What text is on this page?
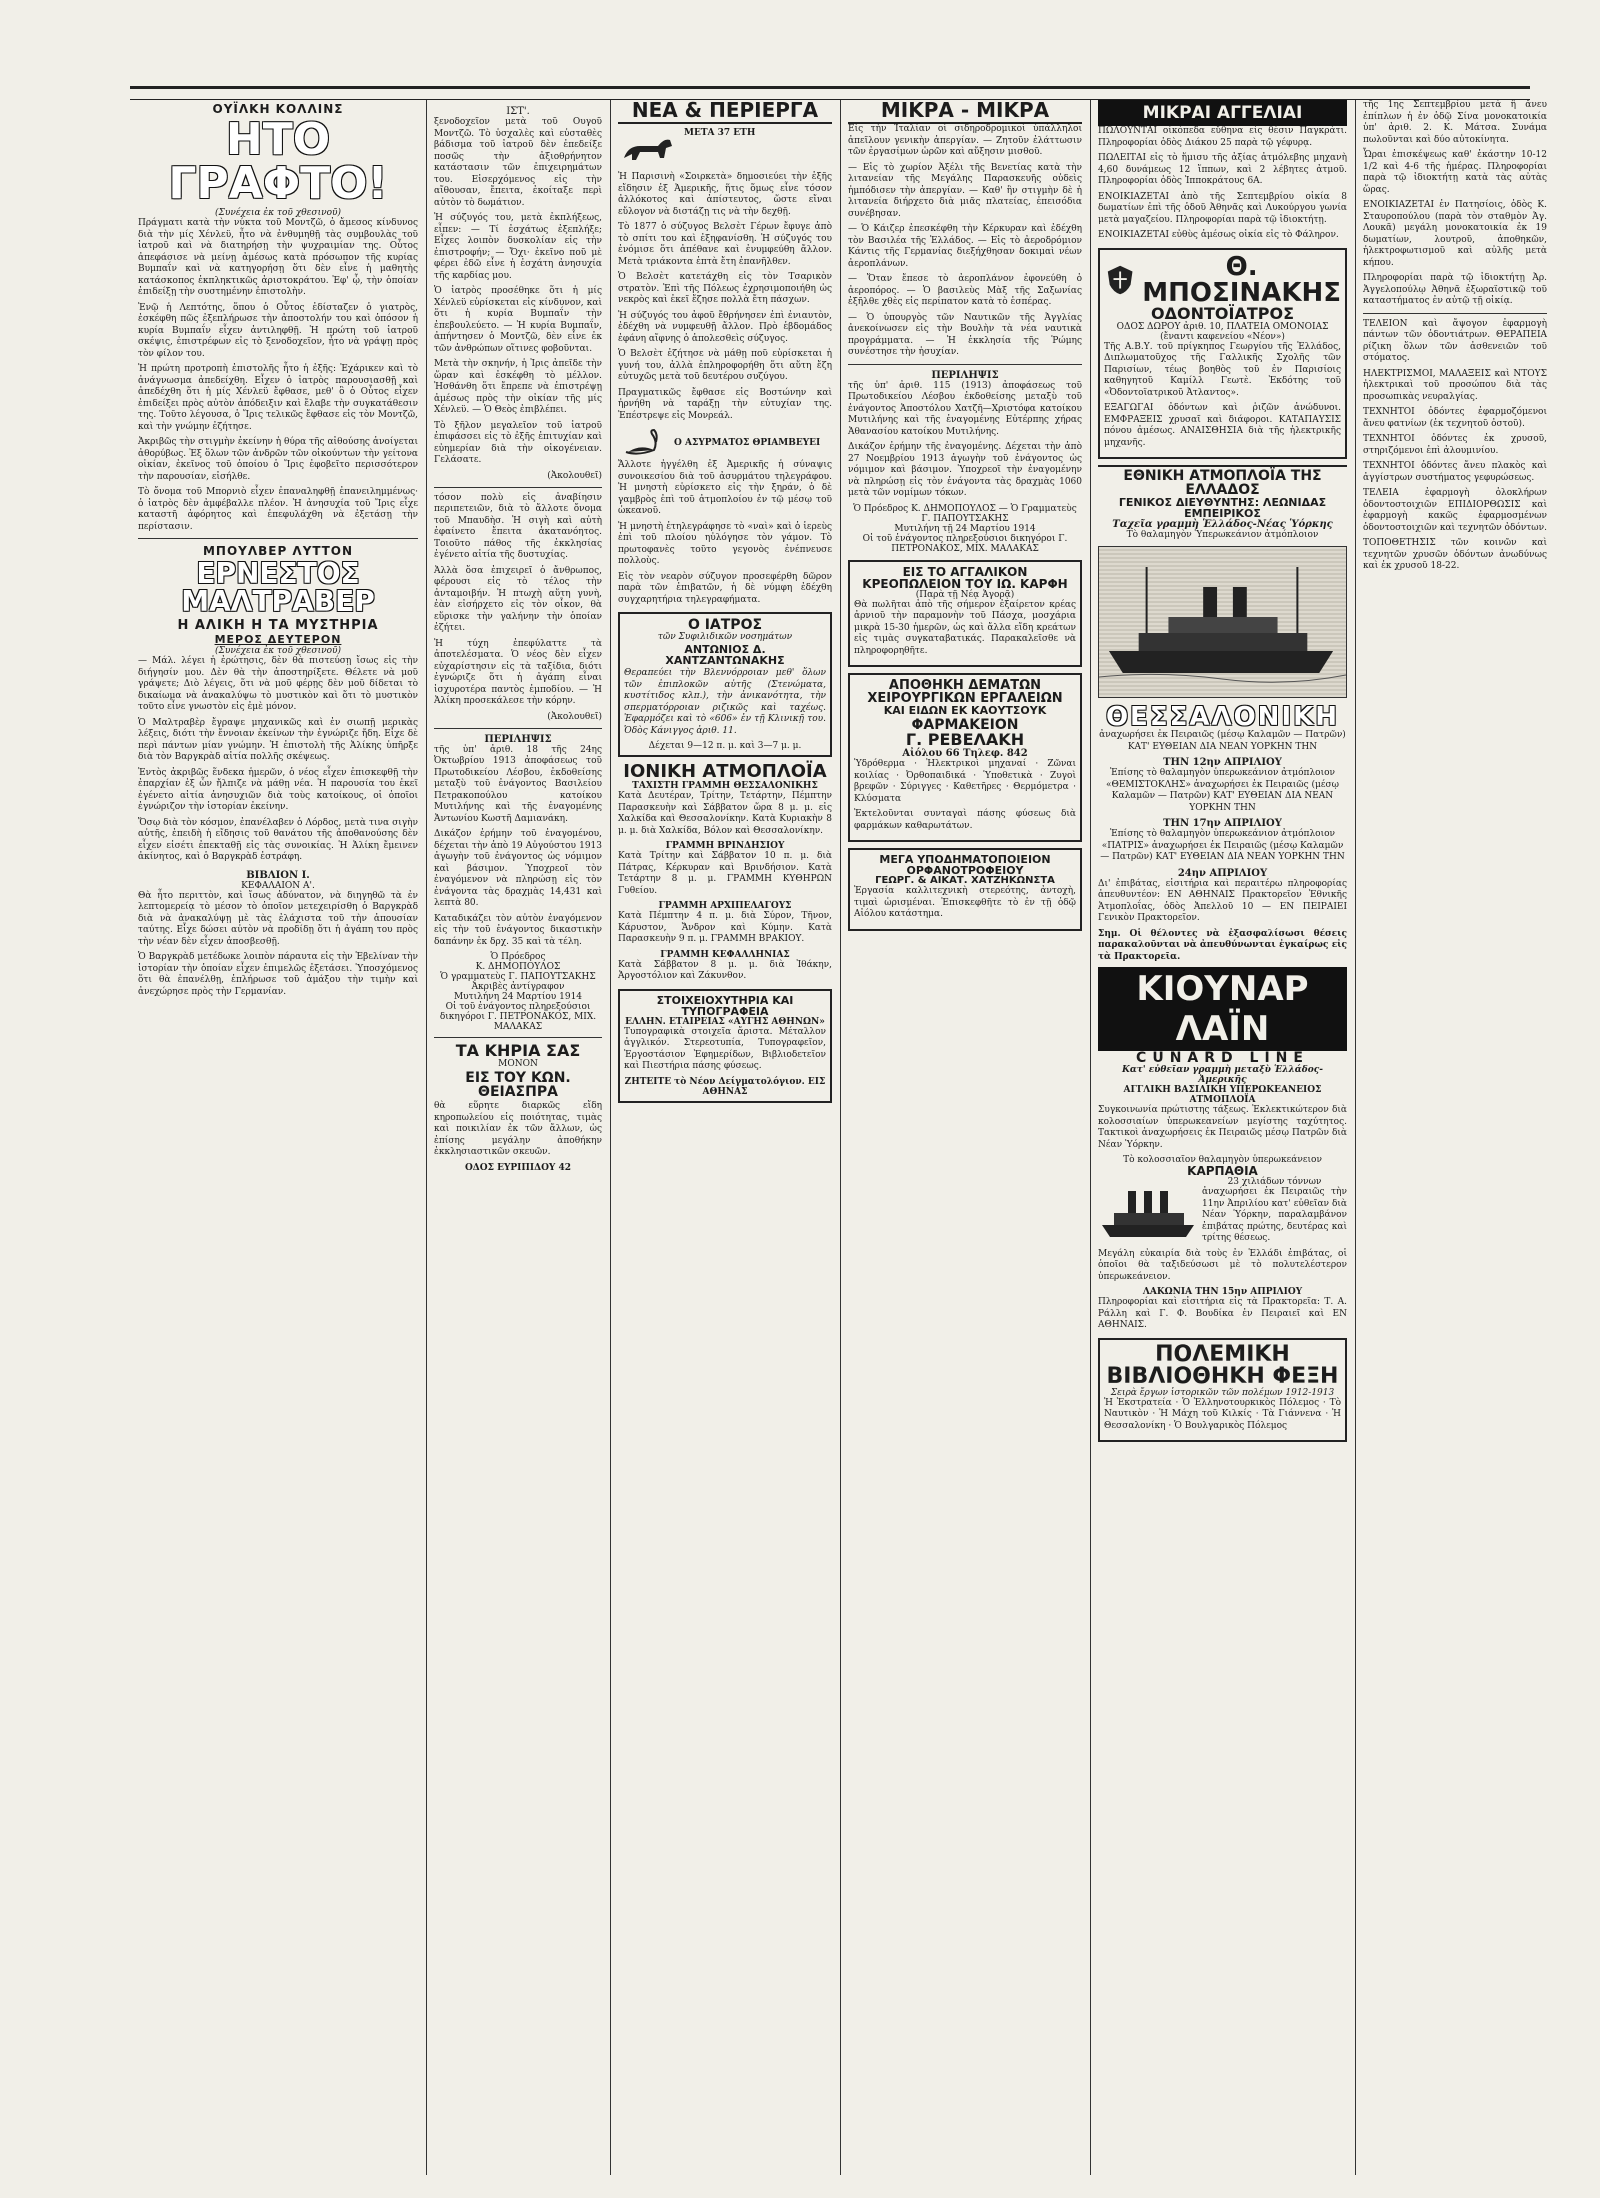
ΟΥΪΛΚΗ ΚΟΛΛΙΝΣ
ΗΤΟ ΓΡΑΦΤΟ!
(Συνέχεια ἐκ τοῦ χθεσινοῦ)

Πράγματι κατὰ τὴν νύκτα τοῦ Μοντζῶ, ὁ ἄμεσος κίνδυνος διὰ τὴν μίς Χένλεϋ, ἦτο νὰ ἐνθυμηθῇ τὰς συμβουλὰς τοῦ ἰατροῦ καὶ νὰ διατηρήσῃ τὴν ψυχραιμίαν της. Οὗτος ἀπεφάσισε νὰ μείνῃ ἀμέσως κατὰ πρόσωπον τῆς κυρίας Βυμπαΐν καὶ νὰ κατηγορήσῃ ὅτι δὲν εἶνε ἡ μαθητὴς κατάσκοπος ἐκπληκτικῶς ἀριστοκράτου. Ἐφ' ᾧ, τὴν ὁποίαν ἐπιδείξῃ τὴν συστημένην ἐπιστολὴν.

Ἐνῷ ἡ Λεπτότης, ὅπου ὁ Οὗτος ἐδίσταζεν ὁ γιατρὸς, ἐσκέφθη πῶς ἐξεπλήρωσε τὴν ἀποστολήν του καὶ ὁπόσον ἡ κυρία Βυμπαΐν εἶχεν ἀντιληφθῇ. Ἡ πρώτη τοῦ ἰατροῦ σκέψις, ἐπιστρέφων εἰς τὸ ξενοδοχεῖον, ἦτο νὰ γράψῃ πρὸς τὸν φίλον του.

Ἡ πρώτη προτροπὴ ἐπιστολῆς ἦτο ἡ ἐξῆς: Ἐχάρικεν καὶ τὸ ἀνάγνωσμα ἀπεδείχθη. Εἶχεν ὁ ἰατρὸς παρουσιασθῇ καὶ ἀπεδέχθη ὅτι ἡ μίς Χένλεϋ ἔφθασε, μεθ' ὃ ὁ Οὗτος εἶχεν ἐπιδείξει πρὸς αὐτὸν ἀπόδειξιν καὶ ἔλαβε τὴν συγκατάθεσιν της. Τοῦτο λέγουσα, ὁ Ἴρις τελικῶς ἔφθασε εἰς τὸν Μοντζῶ, καὶ τὴν γνώμην ἐζήτησε.

Ἀκριβῶς τὴν στιγμὴν ἐκείνην ἡ θύρα τῆς αἰθούσης ἀνοίγεται ἀθορύβως. Ἐξ ὅλων τῶν ἀνδρῶν τῶν οἰκούντων τὴν γείτονα οἰκίαν, ἐκεῖνος τοῦ ὁποίου ὁ Ἴρις ἐφοβεῖτο περισσότερον τὴν παρουσίαν, εἰσήλθε.

Τὸ ὄνομα τοῦ Μπορνιὸ εἶχεν ἐπαναληφθῇ ἐπανειλημμένως· ὁ ἰατρὸς δὲν ἀμφέβαλλε πλέον. Ἠ ἀνησυχία τοῦ Ἴρις εἶχε καταστῆ ἀφόρητος καὶ ἐπεφυλάχθη νὰ ἐξετάσῃ τὴν περίστασιν.

ΜΠΟΥΛΒΕΡ ΛΥΤΤΟΝ
ΕΡΝΕΣΤΟΣ ΜΑΛΤΡΑΒΕΡ
Η ΑΛΙΚΗ Η ΤΑ ΜΥΣΤΗΡΙΑ
ΜΕΡΟΣ ΔΕΥΤΕΡΟΝ
(Συνέχεια ἐκ τοῦ χθεσινοῦ)

— Μάλ. λέγει ἡ ἐρώτησις, δὲν θὰ πιστεύσῃ ἴσως εἰς τὴν διήγησίν μου. Δὲν θὰ τὴν ἀποστηρίξετε. Θέλετε νὰ μοῦ γράψετε; Διὸ λέγεις, ὅτι νὰ μοῦ φέρῃς δὲν μοῦ δίδεται τὸ δικαίωμα νὰ ἀνακαλύψω τὸ μυστικὸν καὶ ὅτι τὸ μυστικὸν τοῦτο εἶνε γνωστὸν εἰς ἐμὲ μόνον.

Ὁ Μαλτραβὲρ ἔγραψε μηχανικῶς καὶ ἐν σιωπῇ μερικὰς λέξεις, διότι τὴν ἔννοιαν ἐκείνων τὴν ἐγνώριζε ἤδη. Εἶχε δὲ περὶ πάντων μίαν γνώμην. Ἡ ἐπιστολὴ τῆς Ἀλίκης ὑπῆρξε διὰ τὸν Βαργκρὰδ αἰτία πολλῆς σκέψεως.

Ἐντὸς ἀκριβῶς ἕνδεκα ἡμερῶν, ὁ νέος εἶχεν ἐπισκεφθῇ τὴν ἐπαρχίαν ἐξ ὧν ἤλπιζε νὰ μάθῃ νέα. Ἡ παρουσία του ἐκεῖ ἐγένετο αἰτία ἀνησυχιῶν διὰ τοὺς κατοίκους, οἱ ὁποῖοι ἐγνώριζον τὴν ἱστορίαν ἐκείνην.

Ὅσῳ διὰ τὸν κόσμον, ἐπανέλαβεν ὁ Λόρδος, μετὰ τινα σιγὴν αὐτῆς, ἐπειδὴ ἡ εἴδησις τοῦ θανάτου τῆς ἀποθανούσης δὲν εἶχεν εἰσέτι ἐπεκταθῇ εἰς τὰς συνοικίας. Ἡ Ἀλίκη ἔμεινεν ἀκίνητος, καὶ ὁ Βαργκρὰδ ἐστράφη.

ΒΙΒΛΙΟΝ Ι.
ΚΕΦΑΛΑΙΟΝ Α'.

Θὰ ἦτο περιττὸν, καὶ ἴσως ἀδύνατον, νὰ διηγηθῶ τὰ ἐν λεπτομερείᾳ τὸ μέσον τὸ ὁποῖον μετεχειρίσθη ὁ Βαργκρὰδ διὰ νὰ ἀνακαλύψῃ μὲ τὰς ἐλάχιστα τοῦ τὴν ἀπουσίαν ταύτης. Εἶχε δώσει αὐτὸν νὰ προδίδῃ ὅτι ἡ ἀγάπη του πρὸς τὴν νέαν δὲν εἶχεν ἀποσβεσθῇ.

Ὁ Βαργκρὰδ μετέδωκε λοιπὸν πάραυτα εἰς τὴν Ἑβελίναν τὴν ἱστορίαν τὴν ὁποίαν εἶχεν ἐπιμελῶς ἐξετάσει. Ὑποσχόμενος ὅτι θὰ ἐπανέλθῃ, ἐπλήρωσε τοῦ ἀμάξου τὴν τιμὴν καὶ ἀνεχώρησε πρὸς τὴν Γερμανίαν.

ΙΣΤ'.

ξενοδοχεῖον μετὰ τοῦ Ουγοῦ Μοντζῶ. Τὸ ὑσχαλὲς καὶ εὐσταθὲς βάδισμα τοῦ ἰατροῦ δὲν ἐπεδείξε ποσῶς τὴν ἀξιοθρήνητον κατάστασιν τῶν ἐπιχειρημάτων του. Εἰσερχόμενος εἰς τὴν αἴθουσαν, ἔπειτα, ἐκοίταξε περὶ αὐτὸν τὸ δωμάτιον.

Ἡ σύζυγός του, μετὰ ἐκπλήξεως, εἶπεν: — Τί ἐσχάτως ἐξεπλήξε; Εἶχες λοιπὸν δυσκολίαν εἰς τὴν ἐπιστροφήν; — Ὄχι· ἐκεῖνο ποῦ μὲ φέρει ἐδῶ εἶνε ἡ ἐσχάτη ἀνησυχία τῆς καρδίας μου.

Ὁ ἰατρὸς προσέθηκε ὅτι ἡ μίς Χένλεϋ εὑρίσκεται εἰς κίνδυνον, καὶ ὅτι ἡ κυρία Βυμπαΐν τὴν ἐπεβουλεύετο. — Ἡ κυρία Βυμπαΐν, ἀπήντησεν ὁ Μοντζῶ, δὲν εἶνε ἐκ τῶν ἀνθρώπων οἵτινες φοβοῦνται.

Μετὰ τὴν σκηνήν, ἡ Ἰρις ἀπεῖδε τὴν ὥραν καὶ ἐσκέφθη τὸ μέλλον. Ἠσθάνθη ὅτι ἔπρεπε νὰ ἐπιστρέψῃ ἀμέσως πρὸς τὴν οἰκίαν τῆς μίς Χένλεϋ. — Ὁ Θεὸς ἐπιβλέπει.

Τὸ ξῆλον μεγαλεῖον τοῦ ἰατροῦ ἐπιφάσσει εἰς τὸ ἐξῆς ἐπιτυχίαν καὶ εὐημερίαν διὰ τὴν οἰκογένειαν. Γελάσατε.

(Ἀκολουθεῖ)

τόσον πολὺ εἰς ἀναβίησιν περιπετειῶν, διὰ τὸ ἄλλοτε ὄνομα τοῦ Μπαυδὴσ. Ἡ σιγὴ καὶ αὐτὴ ἐφαίνετο ἔπειτα ἀκατανόητος. Τοιοῦτο πάθος τῆς ἐκκλησίας ἐγένετο αἰτία τῆς δυστυχίας.

Ἀλλὰ ὅσα ἐπιχειρεῖ ὁ ἄνθρωπος, φέρουσι εἰς τὸ τέλος τὴν ἀνταμοιβήν. Ἡ πτωχὴ αὕτη γυνὴ, ἐὰν εἰσήρχετο εἰς τὸν οἶκον, θὰ εὕρισκε τὴν γαλήνην τὴν ὁποίαν ἐζήτει.

Ἡ τύχη ἐπεφύλαττε τὰ ἀποτελέσματα. Ὁ νέος δὲν εἶχεν εὐχαρίστησιν εἰς τὰ ταξίδια, διότι ἐγνώριζε ὅτι ἡ ἀγάπη εἶναι ἰσχυροτέρα παντὸς ἐμποδίου. — Ἡ Ἀλίκη προσεκάλεσε τὴν κόρην.

(Ἀκολουθεῖ)
ΠΕΡΙΛΗΨΙΣ

τῆς ὑπ' ἀριθ. 18 τῆς 24ης Ὀκτωβρίου 1913 ἀποφάσεως τοῦ Πρωτοδικείου Λέσβου, ἐκδοθείσης μεταξὺ τοῦ ἐνάγοντος Βασιλείου Πετρακοπούλου κατοίκου Μυτιλήνης καὶ τῆς ἐναγομένης Ἀντωνίου Κωστῆ Δαμιανάκη.

Δικάζον ἐρήμην τοῦ ἐναγομένου, δέχεται τὴν ἀπὸ 19 Αὐγούστου 1913 ἀγωγὴν τοῦ ἐνάγοντος ὡς νόμιμον καὶ βάσιμον. Ὑποχρεοῖ τὸν ἐναγόμενον νὰ πληρώσῃ εἰς τὸν ἐνάγοντα τὰς δραχμὰς 14,431 καὶ λεπτὰ 80.

Καταδικάζει τὸν αὐτὸν ἐναγόμενον εἰς τὴν τοῦ ἐνάγοντος δικαστικὴν δαπάνην ἐκ δρχ. 35 καὶ τὰ τέλη.

Ὁ Πρόεδρος
Κ. ΔΗΜΟΠΟΥΛΟΣ
Ὁ γραμματεὺς Γ. ΠΑΠΟΥΤΣΑΚΗΣ
Ἀκριβὲς ἀντίγραφον
Μυτιλήνη 24 Μαρτίου 1914
Οἱ τοῦ ἐνάγοντος πληρεξούσιοι δικηγόροι Γ. ΠΕΤΡΟΝΑΚΟΣ, ΜΙΧ. ΜΑΛΑΚΑΣ
ΤΑ ΚΗΡΙΑ ΣΑΣ
ΜΟΝΟΝ
ΕΙΣ ΤΟΥ ΚΩΝ. ΘΕΙΑΣΠΡΑ

θὰ εὕρητε διαρκῶς εἴδη κηροπωλείου εἰς ποιότητας, τιμὰς καὶ ποικιλίαν ἐκ τῶν ἄλλων, ὡς ἐπίσης μεγάλην ἀποθήκην ἐκκλησιαστικῶν σκευῶν.

ΟΔΟΣ ΕΥΡΙΠΙΔΟΥ 42
ΝΕΑ & ΠΕΡΙΕΡΓΑ
ΜΕΤΑ 37 ΕΤΗ

Ἡ Παρισινὴ «Σοιρκετὰ» δημοσιεύει τὴν ἑξῆς εἴδησιν ἐξ Ἀμερικῆς, ἥτις ὅμως εἶνε τόσον ἀλλόκοτος καὶ ἀπίστευτος, ὥστε εἴναι εὔλογον νὰ διστάζῃ τις νὰ τὴν δεχθῇ.

Τὸ 1877 ὁ σύζυγος Βελσὲτ Γέρων ἔφυγε ἀπὸ τὸ σπίτι του καὶ ἐξηφανίσθη. Ἡ σύζυγός του ἐνόμισε ὅτι ἀπέθανε καὶ ἐνυμφεύθη ἄλλον. Μετὰ τριάκοντα ἑπτὰ ἔτη ἐπανῆλθεν.

Ὁ Βελσὲτ κατετάχθη εἰς τὸν Τσαρικὸν στρατὸν. Ἐπὶ τῆς Πόλεως ἐχρησιμοποιήθη ὡς νεκρὸς καὶ ἐκεῖ ἔζησε πολλὰ ἔτη πάσχων.

Ἡ σύζυγός του ἀφοῦ ἔθρήνησεν ἐπὶ ἐνιαυτὸν, ἐδέχθη νὰ νυμφευθῇ ἄλλον. Πρὸ ἑβδομάδος ἐφάνη αἴφνης ὁ ἀπολεσθεὶς σύζυγος.

Ὁ Βελσὲτ ἐζήτησε νὰ μάθῃ ποῦ εὑρίσκεται ἡ γυνή του, ἀλλὰ ἐπληροφορήθη ὅτι αὕτη ἔζη εὐτυχῶς μετὰ τοῦ δευτέρου συζύγου.

Πραγματικῶς ἔφθασε εἰς Βοστώνην καὶ ἠρνήθη νὰ ταράξῃ τὴν εὐτυχίαν της. Ἐπέστρεψε εἰς Μονρεάλ.

Ο ΑΣΥΡΜΑΤΟΣ ΘΡΙΑΜΒΕΥΕΙ

Ἄλλοτε ἠγγέλθη ἐξ Ἀμερικῆς ἡ σύναψις συνοικεσίου διὰ τοῦ ἀσυρμάτου τηλεγράφου. Ἡ μνηστὴ εὑρίσκετο εἰς τὴν ξηράν, ὁ δὲ γαμβρὸς ἐπὶ τοῦ ἀτμοπλοίου ἐν τῷ μέσῳ τοῦ ὠκεανοῦ.

Ἡ μνηστὴ ἐτηλεγράφησε τὸ «ναὶ» καὶ ὁ ἱερεὺς ἐπὶ τοῦ πλοίου ηὐλόγησε τὸν γάμον. Τὸ πρωτοφανὲς τοῦτο γεγονὸς ἐνέπνευσε πολλοὺς.

Εἰς τὸν νεαρὸν σύζυγον προσεφέρθη δῶρον παρὰ τῶν ἐπιβατῶν, ἡ δὲ νύμφη ἐδέχθη συγχαρητήρια τηλεγραφήματα.

Ο ΙΑΤΡΟΣ
τῶν Συφιλιδικῶν νοσημάτων
ΑΝΤΩΝΙΟΣ Δ. ΧΑΝΤΖΑΝΤΩΝΑΚΗΣ

Θεραπεύει τὴν Βλεννόρροιαν μεθ' ὅλων τῶν ἐπιπλοκῶν αὐτῆς (Στενώματα, κυστίτιδος κλπ.), τὴν ἀνικανότητα, τὴν σπερματόρροιαν ριζικῶς καὶ ταχέως. Ἐφαρμόζει καὶ τὸ «606» ἐν τῇ Κλινικῇ του. Ὁδὸς Κάνιγγος ἀριθ. 11.

Δέχεται 9—12 π. μ. καὶ 3—7 μ. μ.
ΙΟΝΙΚΗ ΑΤΜΟΠΛΟΪΑ
ΤΑΧΙΣΤΗ ΓΡΑΜΜΗ ΘΕΣΣΑΛΟΝΙΚΗΣ

Κατὰ Δευτέραν, Τρίτην, Τετάρτην, Πέμπτην Παρασκευὴν καὶ Σάββατον ὥρα 8 μ. μ. εἰς Χαλκίδα καὶ Θεσσαλονίκην. Κατὰ Κυριακὴν 8 μ. μ. διὰ Χαλκίδα, Βόλον καὶ Θεσσαλονίκην.

ΓΡΑΜΜΗ ΒΡΙΝΔΗΣΙΟΥ

Κατὰ Τρίτην καὶ Σάββατον 10 π. μ. διὰ Πάτρας, Κέρκυραν καὶ Βρινδήσιον. Κατὰ Τετάρτην 8 μ. μ. ΓΡΑΜΜΗ ΚΥΘΗΡΩΝ Γυθείου.

ΓΡΑΜΜΗ ΑΡΧΙΠΕΛΑΓΟΥΣ

Κατὰ Πέμπτην 4 π. μ. διὰ Σύρον, Τῆνον, Κάρυστον, Ἄνδρον καὶ Κύμην. Κατὰ Παρασκευὴν 9 π. μ. ΓΡΑΜΜΗ ΒΡΑΚΙΟΥ.

ΓΡΑΜΜΗ ΚΕΦΑΛΛΗΝΙΑΣ

Κατὰ Σάββατον 8 μ. μ. διὰ Ἰθάκην, Ἀργοστόλιον καὶ Ζάκυνθον.

ΣΤΟΙΧΕΙΟΧΥΤΗΡΙΑ ΚΑΙ ΤΥΠΟΓΡΑΦΕΙΑ
ΕΛΛΗΝ. ΕΤΑΙΡΕΙΑΣ «ΑΥΓΗΣ ΑΘΗΝΩΝ»

Τυπογραφικὰ στοιχεῖα ἄριστα. Μέταλλον ἀγγλικόν. Στερεοτυπία, Τυπογραφεῖον, Ἐργοστάσιον Ἐφημερίδων, Βιβλιοδετεῖον καὶ Πιεστήρια πάσης φύσεως.

ΖΗΤΕΙΤΕ τὸ Νέον Δείγματολόγιον. ΕΙΣ ΑΘΗΝΑΣ
ΜΙΚΡΑ - ΜΙΚΡΑ

Εἰς τὴν Ἰταλίαν οἱ σιδηροδρομικοὶ ὑπάλληλοι ἀπεῖλουν γενικὴν ἀπεργίαν. — Ζητοῦν ἐλάττωσιν τῶν ἐργασίμων ὡρῶν καὶ αὔξησιν μισθοῦ.

— Εἰς τὸ χωρίον Ἀξέλι τῆς Βενετίας κατὰ τὴν λιτανείαν τῆς Μεγάλης Παρασκευῆς οὐδεὶς ἠμπόδισεν τὴν ἀπεργίαν. — Καθ' ἣν στιγμὴν δὲ ἡ λιτανεία διήρχετο διὰ μιᾶς πλατείας, ἐπεισόδια συνέβησαν.

— Ὁ Κάιζερ ἐπεσκέφθη τὴν Κέρκυραν καὶ ἐδέχθη τὸν Βασιλέα τῆς Ἑλλάδος. — Εἰς τὸ ἀεροδρόμιον Κάντις τῆς Γερμανίας διεξήχθησαν δοκιμαὶ νέων ἀεροπλάνων.

— Ὅταν ἔπεσε τὸ ἀεροπλάνον ἐφονεύθη ὁ ἀεροπόρος. — Ὁ βασιλεὺς Μὰξ τῆς Σαξωνίας ἐξῆλθε χθὲς εἰς περίπατον κατὰ τὸ ἑσπέρας.

— Ὁ ὑπουργὸς τῶν Ναυτικῶν τῆς Ἀγγλίας ἀνεκοίνωσεν εἰς τὴν Βουλὴν τὰ νέα ναυτικὰ προγράμματα. — Ἡ ἐκκλησία τῆς Ῥώμης συνέστησε τὴν ἡσυχίαν.

ΠΕΡΙΛΗΨΙΣ

τῆς ὑπ' ἀριθ. 115 (1913) ἀποφάσεως τοῦ Πρωτοδικείου Λέσβου ἐκδοθείσης μεταξὺ τοῦ ἐνάγοντος Ἀποστόλου Χατζῆ—Χριστόφα κατοίκου Μυτιλήνης καὶ τῆς ἐναγομένης Εὐτέρπης χήρας Ἀθανασίου κατοίκου Μυτιλήνης.

Δικάζον ἐρήμην τῆς ἐναγομένης. Δέχεται τὴν ἀπὸ 27 Νοεμβρίου 1913 ἀγωγὴν τοῦ ἐνάγοντος ὡς νόμιμον καὶ βάσιμον. Ὑποχρεοῖ τὴν ἐναγομένην νὰ πληρώσῃ εἰς τὸν ἐνάγοντα τὰς δραχμὰς 1060 μετὰ τῶν νομίμων τόκων.

Ὁ Πρόεδρος Κ. ΔΗΜΟΠΟΥΛΟΣ — Ὁ Γραμματεὺς Γ. ΠΑΠΟΥΤΣΑΚΗΣ
Μυτιλήνη τῇ 24 Μαρτίου 1914
Οἱ τοῦ ἐνάγοντος πληρεξούσιοι δικηγόροι Γ. ΠΕΤΡΟΝΑΚΟΣ, ΜΙΧ. ΜΑΛΑΚΑΣ
ΕΙΣ ΤΟ ΑΓΓΑΛΙΚΟΝ
ΚΡΕΟΠΩΛΕΙΟΝ ΤΟΥ ΙΩ. ΚΑΡΦΗ
(Παρὰ τῇ Νέᾳ Ἀγορᾷ)

Θὰ πωλῆται ἀπὸ τῆς σήμερον ἐξαίρετον κρέας ἀρνιοῦ τὴν παραμονὴν τοῦ Πάσχα, μοσχάρια μικρὰ 15-30 ἡμερῶν, ὡς καὶ ἄλλα εἴδη κρεάτων εἰς τιμὰς συγκαταβατικάς. Παρακαλεῖσθε νὰ πληροφορηθῆτε.

ΑΠΟΘΗΚΗ ΔΕΜΑΤΩΝ
ΧΕΙΡΟΥΡΓΙΚΩΝ ΕΡΓΑΛΕΙΩΝ
ΚΑΙ ΕΙΔΩΝ ΕΚ ΚΑΟΥΤΣΟΥΚ
ΦΑΡΜΑΚΕΙΟΝ
Γ. ΡΕΒΕΛΑΚΗ
Αἰόλου 66 Τηλεφ. 842

Ὑδρόθερμα · Ἠλεκτρικοὶ μηχαναί · Ζῶναι κοιλίας · Ὀρθοπαιδικά · Ὑποθετικὰ · Ζυγοὶ βρεφῶν · Σύριγγες · Καθετῆρες · Θερμόμετρα · Κλύσματα

Ἐκτελοῦνται συνταγαὶ πάσης φύσεως διὰ φαρμάκων καθαρωτάτων.

ΜΕΓΑ ΥΠΟΔΗΜΑΤΟΠΟΙΕΙΟΝ ΟΡΦΑΝΟΤΡΟΦΕΙΟΥ
ΓΕΩΡΓ. & ΑΙΚΑΤ. ΧΑΤΖΗΚΩΝΣΤΑ

Ἐργασία καλλιτεχνικὴ στερεότης, ἀντοχὴ, τιμαὶ ὡρισμέναι. Ἐπισκεφθῆτε τὸ ἐν τῇ ὁδῷ Αἰόλου κατάστημα.

ΜΙΚΡΑΙ ΑΓΓΕΛΙΑΙ

ΠΩΛΟΥΝΤΑΙ οἰκόπεδα εὔθηνα εἰς θέσιν Παγκράτι. Πληροφορίαι ὁδὸς Διάκου 25 παρὰ τῷ γέφυρᾳ.

ΠΩΛΕΙΤΑΙ εἰς τὸ ἥμισυ τῆς ἀξίας ἀτμόλεβης μηχανὴ 4,60 δυνάμεως 12 ἵππων, καὶ 2 λέβητες ἀτμοῦ. Πληροφορίαι ὁδὸς Ἱπποκράτους 6Α.

ΕΝΟΙΚΙΑΖΕΤΑΙ ἀπὸ τῆς Σεπτεμβρίου οἰκία 8 δωματίων ἐπὶ τῆς ὁδοῦ Ἀθηνᾶς καὶ Λυκούργου γωνία μετὰ μαγαζείου. Πληροφορίαι παρὰ τῷ ἰδιοκτήτῃ.

ΕΝΟΙΚΙΑΖΕΤΑΙ εὐθὺς ἀμέσως οἰκία εἰς τὸ Φάληρον.

Θ. ΜΠΟΣΙΝΑΚΗΣ
ΟΔΟΝΤΟΪΑΤΡΟΣ
ΟΔΟΣ ΔΩΡΟΥ ἀριθ. 10, ΠΛΑΤΕΙΑ ΟΜΟΝΟΙΑΣ (ἔναντι καφενείου «Νέον»)

Τῆς Α.Β.Υ. τοῦ πρίγκηπος Γεωργίου τῆς Ἑλλάδος, Διπλωματοῦχος τῆς Γαλλικῆς Σχολῆς τῶν Παρισίων, τέως βοηθὸς τοῦ ἐν Παρισίοις καθηγητοῦ Καμίλλ Γεωτὲ. Ἐκδότης τοῦ «Ὀδοντοϊατρικοῦ Ἀτλαντος».

ΕΞΑΓΩΓΑΙ ὀδόντων καὶ ῥιζῶν ἀνώδυνοι. ΕΜΦΡΑΞΕΙΣ χρυσαῖ καὶ διάφοροι. ΚΑΤΑΠΑΥΣΙΣ πόνου ἀμέσως. ΑΝΑΙΣΘΗΣΙΑ διὰ τῆς ἠλεκτρικῆς μηχανῆς.

ΕΘΝΙΚΗ ΑΤΜΟΠΛΟΪΑ ΤΗΣ ΕΛΛΑΔΟΣ
ΓΕΝΙΚΟΣ ΔΙΕΥΘΥΝΤΗΣ: ΛΕΩΝΙΔΑΣ ΕΜΠΕΙΡΙΚΟΣ
Ταχεῖα γραμμὴ Ἑλλάδος-Νέας Ὑόρκης
Τὸ θαλαμηγὸν Ὑπερωκεάνιον ἀτμόπλοιον
ΘΕΣΣΑΛΟΝΙΚΗ

ἀναχωρήσει ἐκ Πειραιῶς (μέσῳ Καλαμῶν — Πατρῶν) ΚΑΤ' ΕΥΘΕΙΑΝ ΔΙΑ ΝΕΑΝ ΥΟΡΚΗΝ ΤΗΝ

ΤΗΝ 12ην ΑΠΡΙΛΙΟΥ

Ἐπίσης τὸ θαλαμηγὸν ὑπερωκεάνιον ἀτμόπλοιον «ΘΕΜΙΣΤΟΚΛΗΣ» ἀναχωρήσει ἐκ Πειραιῶς (μέσῳ Καλαμῶν — Πατρῶν) ΚΑΤ' ΕΥΘΕΙΑΝ ΔΙΑ ΝΕΑΝ ΥΟΡΚΗΝ ΤΗΝ

ΤΗΝ 17ην ΑΠΡΙΛΙΟΥ

Ἐπίσης τὸ θαλαμηγὸν ὑπερωκεάνιον ἀτμόπλοιον «ΠΑΤΡΙΣ» ἀναχωρήσει ἐκ Πειραιῶς (μέσῳ Καλαμῶν — Πατρῶν) ΚΑΤ' ΕΥΘΕΙΑΝ ΔΙΑ ΝΕΑΝ ΥΟΡΚΗΝ ΤΗΝ

24ην ΑΠΡΙΛΙΟΥ

Δι' ἐπιβάτας, εἰσιτήρια καὶ περαιτέρω πληροφορίας ἀπευθυντέον: ΕΝ ΑΘΗΝΑΙΣ Πρακτορεῖον Ἐθνικῆς Ἀτμοπλοΐας, ὁδὸς Ἀπελλοῦ 10 — ΕΝ ΠΕΙΡΑΙΕΙ Γενικὸν Πρακτορεῖον.

Σημ. Οἱ θέλοντες νὰ ἐξασφαλίσωσι θέσεις παρακαλοῦνται νὰ ἀπευθύνωνται ἐγκαίρως εἰς τὰ Πρακτορεῖα.

ΚΙΟΥΝΑΡ ΛΑΪΝ
CUNARD LINE
Κατ' εὐθεῖαν γραμμὴ μεταξὺ Ἑλλάδος-Ἀμερικῆς
ΑΓΓΛΙΚΗ ΒΑΣΙΛΙΚΗ ΥΠΕΡΩΚΕΑΝΕΙΟΣ ΑΤΜΟΠΛΟΪΑ

Συγκοινωνία πρώτιστης τάξεως. Ἐκλεκτικώτερον διὰ κολοσσιαίων ὑπερωκεανείων μεγίστης ταχύτητος. Τακτικοὶ ἀναχωρήσεις ἐκ Πειραιῶς μέσῳ Πατρῶν διὰ Νέαν Ὑόρκην.

Τὸ κολοσσιαῖον θαλαμηγὸν ὑπερωκεάνειον
ΚΑΡΠΑΘΙΑ
23 χιλιάδων τόννων

ἀναχωρήσει ἐκ Πειραιῶς τὴν 11ην Ἀπριλίου κατ' εὐθεῖαν διὰ Νέαν Ὑόρκην, παραλαμβάνον ἐπιβάτας πρώτης, δευτέρας καὶ τρίτης θέσεως.

Μεγάλη εὐκαιρία διὰ τοὺς ἐν Ἑλλάδι ἐπιβάτας, οἱ ὁποῖοι θὰ ταξιδεύσωσι μὲ τὸ πολυτελέστερον ὑπερωκεάνειον.

ΛΑΚΩΝΙΑ ΤΗΝ 15ην ΑΠΡΙΛΙΟΥ

Πληροφορίαι καὶ εἰσιτήρια εἰς τὰ Πρακτορεῖα: Τ. Α. Ράλλη καὶ Γ. Φ. Βουδίκα ἐν Πειραιεῖ καὶ ΕΝ ΑΘΗΝΑΙΣ.

ΠΟΛΕΜΙΚΗ ΒΙΒΛΙΟΘΗΚΗ ΦΕΞΗ
Σειρὰ ἔργων ἱστορικῶν τῶν πολέμων 1912-1913

Ἡ Ἐκστρατεία · Ὁ Ἑλληνοτουρκικὸς Πόλεμος · Τὸ Ναυτικὸν · Ἡ Μάχη τοῦ Κιλκίς · Τὰ Γιάννενα · Ἡ Θεσσαλονίκη · Ὁ Βουλγαρικὸς Πόλεμος

τῆς 1ης Σεπτεμβρίου μετὰ ἢ ἄνευ ἐπίπλων ἡ ἐν ὁδῷ Σίνα μονοκατοικία ὑπ' ἀριθ. 2. Κ. Μάτσα. Συνάμα πωλοῦνται καὶ δύο αὐτοκίνητα.

Ὧραι ἐπισκέψεως καθ' ἑκάστην 10-12 1/2 καὶ 4-6 τῆς ἡμέρας. Πληροφορίαι παρὰ τῷ ἰδιοκτήτῃ κατὰ τὰς αὐτὰς ὥρας.

ΕΝΟΙΚΙΑΖΕΤΑΙ ἐν Πατησίοις, ὁδὸς Κ. Σταυροπούλου (παρὰ τὸν σταθμὸν Ἀγ. Λουκᾶ) μεγάλη μονοκατοικία ἐκ 19 δωματίων, λουτροῦ, ἀποθηκῶν, ἠλεκτροφωτισμοῦ καὶ αὐλῆς μετὰ κήπου.

Πληροφορίαι παρὰ τῷ ἰδιοκτήτῃ Ἀρ. Ἀγγελοπούλῳ Ἀθηνᾶ ἐξωραϊστικῷ τοῦ καταστήματος ἐν αὐτῷ τῇ οἰκίᾳ.

ΤΕΛΕΙΟΝ καὶ ἄψογον ἐφαρμογὴ πάντων τῶν ὀδοντιάτρων. ΘΕΡΑΠΕΙΑ ρίζικη ὅλων τῶν ἀσθενειῶν τοῦ στόματος.

ΗΛΕΚΤΡΙΣΜΟΙ, ΜΑΛΑΞΕΙΣ καὶ ΝΤΟΥΣ ἠλεκτρικαὶ τοῦ προσώπου διὰ τὰς προσωπικὰς νευραλγίας.

ΤΕΧΝΗΤΟΙ ὀδόντες ἐφαρμοζόμενοι ἄνευ φατνίων (ἐκ τεχνητοῦ ὀστοῦ).

ΤΕΧΝΗΤΟΙ ὀδόντες ἐκ χρυσοῦ, στηριζόμενοι ἐπὶ ἀλουμινίου.

ΤΕΧΝΗΤΟΙ ὀδόντες ἄνευ πλακὸς καὶ ἀγγίστρων συστήματος γεφυρώσεως.

ΤΕΛΕΙΑ ἐφαρμογὴ ὁλοκλήρων ὀδοντοστοιχιῶν ΕΠΙΔΙΟΡΘΩΣΙΣ καὶ ἐφαρμογὴ κακῶς ἐφαρμοσμένων ὀδοντοστοιχιῶν καὶ τεχνητῶν ὀδόντων.

ΤΟΠΟΘΕΤΗΣΙΣ τῶν κοινῶν καὶ τεχνητῶν χρυσῶν ὀδόντων ἀνωδύνως καὶ ἐκ χρυσοῦ 18-22.
